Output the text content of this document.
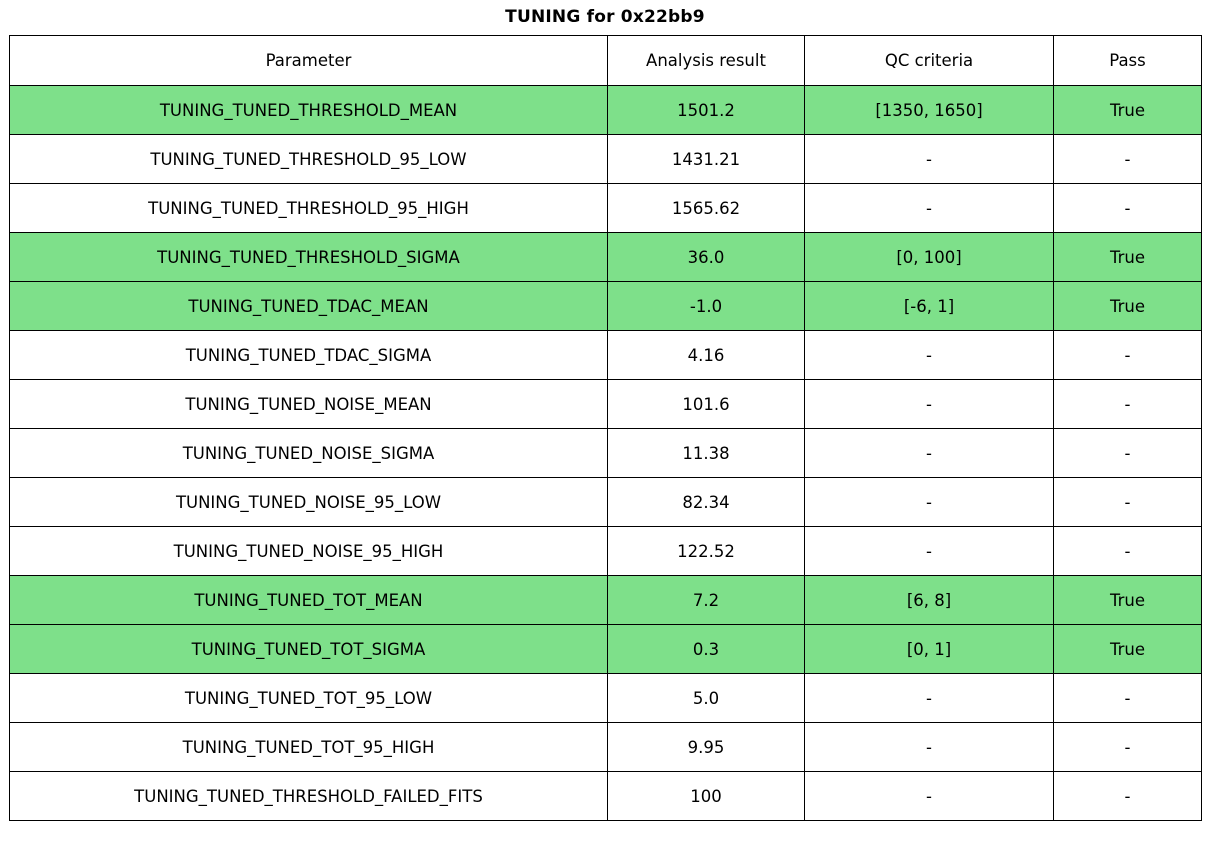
TUNING for 0x22bb9
Parameter	Analysis result	QC criteria	Pass
TUNING_TUNED_THRESHOLD_MEAN	1501.2	[1350, 1650]	True
TUNING_TUNED_THRESHOLD_95_LOW	1431.21	-	-
TUNING_TUNED_THRESHOLD_95_HIGH	1565.62	-	-
TUNING_TUNED_THRESHOLD_SIGMA	36.0	[0, 100]	True
TUNING_TUNED_TDAC_MEAN	-1.0	[-6, 1]	True
TUNING_TUNED_TDAC_SIGMA	4.16	-	-
TUNING_TUNED_NOISE_MEAN	101.6	-	-
TUNING_TUNED_NOISE_SIGMA	11.38	-	-
TUNING_TUNED_NOISE_95_LOW	82.34	-	-
TUNING_TUNED_NOISE_95_HIGH	122.52	-	-
TUNING_TUNED_TOT_MEAN	7.2	[6, 8]	True
TUNING_TUNED_TOT_SIGMA	0.3	[0, 1]	True
TUNING_TUNED_TOT_95_LOW	5.0	-	-
TUNING_TUNED_TOT_95_HIGH	9.95	-	-
TUNING_TUNED_THRESHOLD_FAILED_FITS	100	-	-
